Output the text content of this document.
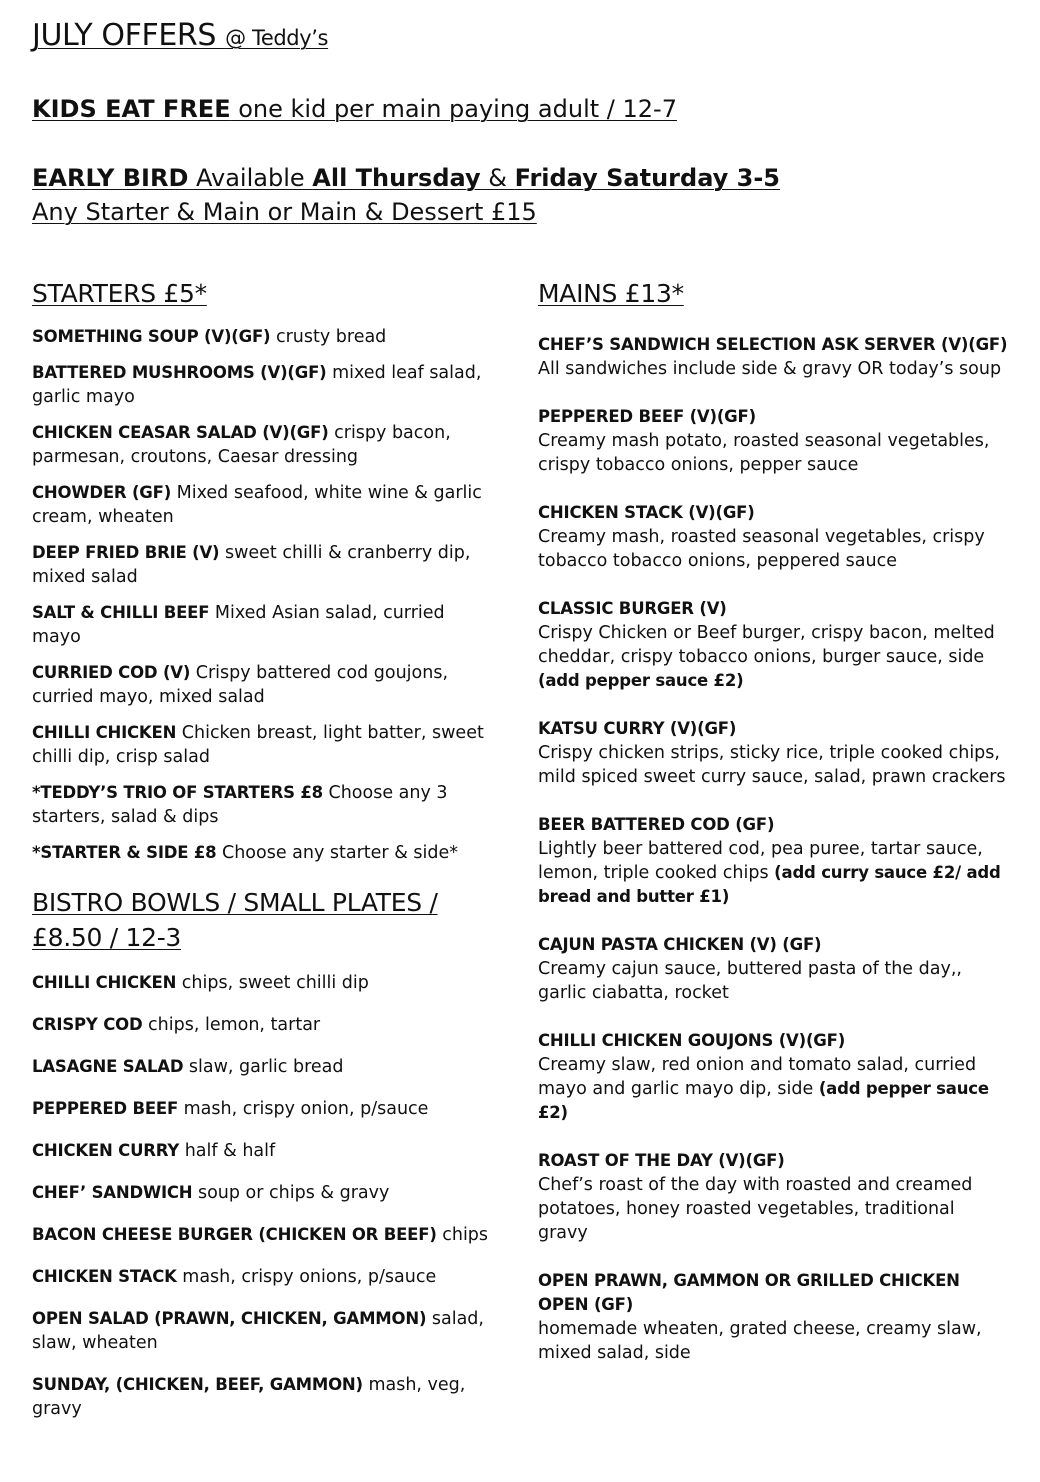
JULY OFFERS @ Teddy’s

KIDS EAT FREE one kid per main paying adult / 12-7

EARLY BIRD Available All Thursday & Friday Saturday 3-5

Any Starter & Main or Main & Dessert £15

STARTERS £5*

SOMETHING SOUP (V)(GF) crusty bread

BATTERED MUSHROOMS (V)(GF) mixed leaf salad, garlic mayo

CHICKEN CEASAR SALAD (V)(GF) crispy bacon, parmesan, croutons, Caesar dressing

CHOWDER (GF) Mixed seafood, white wine & garlic cream, wheaten

DEEP FRIED BRIE (V) sweet chilli & cranberry dip, mixed salad

SALT & CHILLI BEEF Mixed Asian salad, curried mayo

CURRIED COD (V) Crispy battered cod goujons, curried mayo, mixed salad

CHILLI CHICKEN Chicken breast, light batter, sweet chilli dip, crisp salad

*TEDDY’S TRIO OF STARTERS £8 Choose any 3 starters, salad & dips

*STARTER & SIDE £8 Choose any starter & side*

BISTRO BOWLS / SMALL PLATES / £8.50 / 12-3

CHILLI CHICKEN chips, sweet chilli dip

CRISPY COD chips, lemon, tartar

LASAGNE SALAD slaw, garlic bread

PEPPERED BEEF mash, crispy onion, p/sauce

CHICKEN CURRY half & half

CHEF’ SANDWICH soup or chips & gravy

BACON CHEESE BURGER (CHICKEN OR BEEF) chips

CHICKEN STACK mash, crispy onions, p/sauce

OPEN SALAD (PRAWN, CHICKEN, GAMMON) salad, slaw, wheaten

SUNDAY, (CHICKEN, BEEF, GAMMON) mash, veg, gravy

MAINS £13*

CHEF’S SANDWICH SELECTION ASK SERVER (V)(GF)
All sandwiches include side & gravy OR today’s soup

PEPPERED BEEF (V)(GF)
Creamy mash potato, roasted seasonal vegetables, crispy tobacco onions, pepper sauce

CHICKEN STACK (V)(GF)
Creamy mash, roasted seasonal vegetables, crispy tobacco tobacco onions, peppered sauce

CLASSIC BURGER (V)
Crispy Chicken or Beef burger, crispy bacon, melted cheddar, crispy tobacco onions, burger sauce, side (add pepper sauce £2)

KATSU CURRY (V)(GF)
Crispy chicken strips, sticky rice, triple cooked chips, mild spiced sweet curry sauce, salad, prawn crackers

BEER BATTERED COD (GF)
Lightly beer battered cod, pea puree, tartar sauce, lemon, triple cooked chips (add curry sauce £2/ add bread and butter £1)

CAJUN PASTA CHICKEN (V) (GF)
Creamy cajun sauce, buttered pasta of the day,, garlic ciabatta, rocket

CHILLI CHICKEN GOUJONS (V)(GF)
Creamy slaw, red onion and tomato salad, curried mayo and garlic mayo dip, side (add pepper sauce £2)

ROAST OF THE DAY (V)(GF)
Chef’s roast of the day with roasted and creamed potatoes, honey roasted vegetables, traditional gravy

OPEN PRAWN, GAMMON OR GRILLED CHICKEN OPEN (GF)
homemade wheaten, grated cheese, creamy slaw, mixed salad, side
